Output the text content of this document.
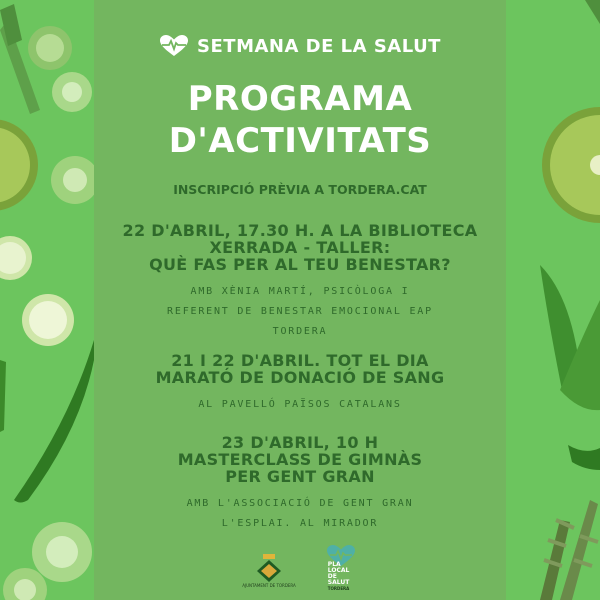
SETMANA DE LA SALUT
PROGRAMA
D'ACTIVITATS
INSCRIPCIÓ PRÈVIA A TORDERA.CAT
22 D'ABRIL, 17.30 H. A LA BIBLIOTECA
XERRADA - TALLER:
QUÈ FAS PER AL TEU BENESTAR?
AMB XÈNIA MARTÍ, PSICÒLOGA I
REFERENT DE BENESTAR EMOCIONAL EAP
TORDERA
21 I 22 D'ABRIL. TOT EL DIA
MARATÓ DE DONACIÓ DE SANG
AL PAVELLÓ PAÏSOS CATALANS
23 D'ABRIL, 10 H
MASTERCLASS DE GIMNÀS
PER GENT GRAN
AMB L'ASSOCIACIÓ DE GENT GRAN
L'ESPLAI. AL MIRADOR
AJUNTAMENT DE TORDERA
PLA
LOCAL
DE SALUT
TORDERA
